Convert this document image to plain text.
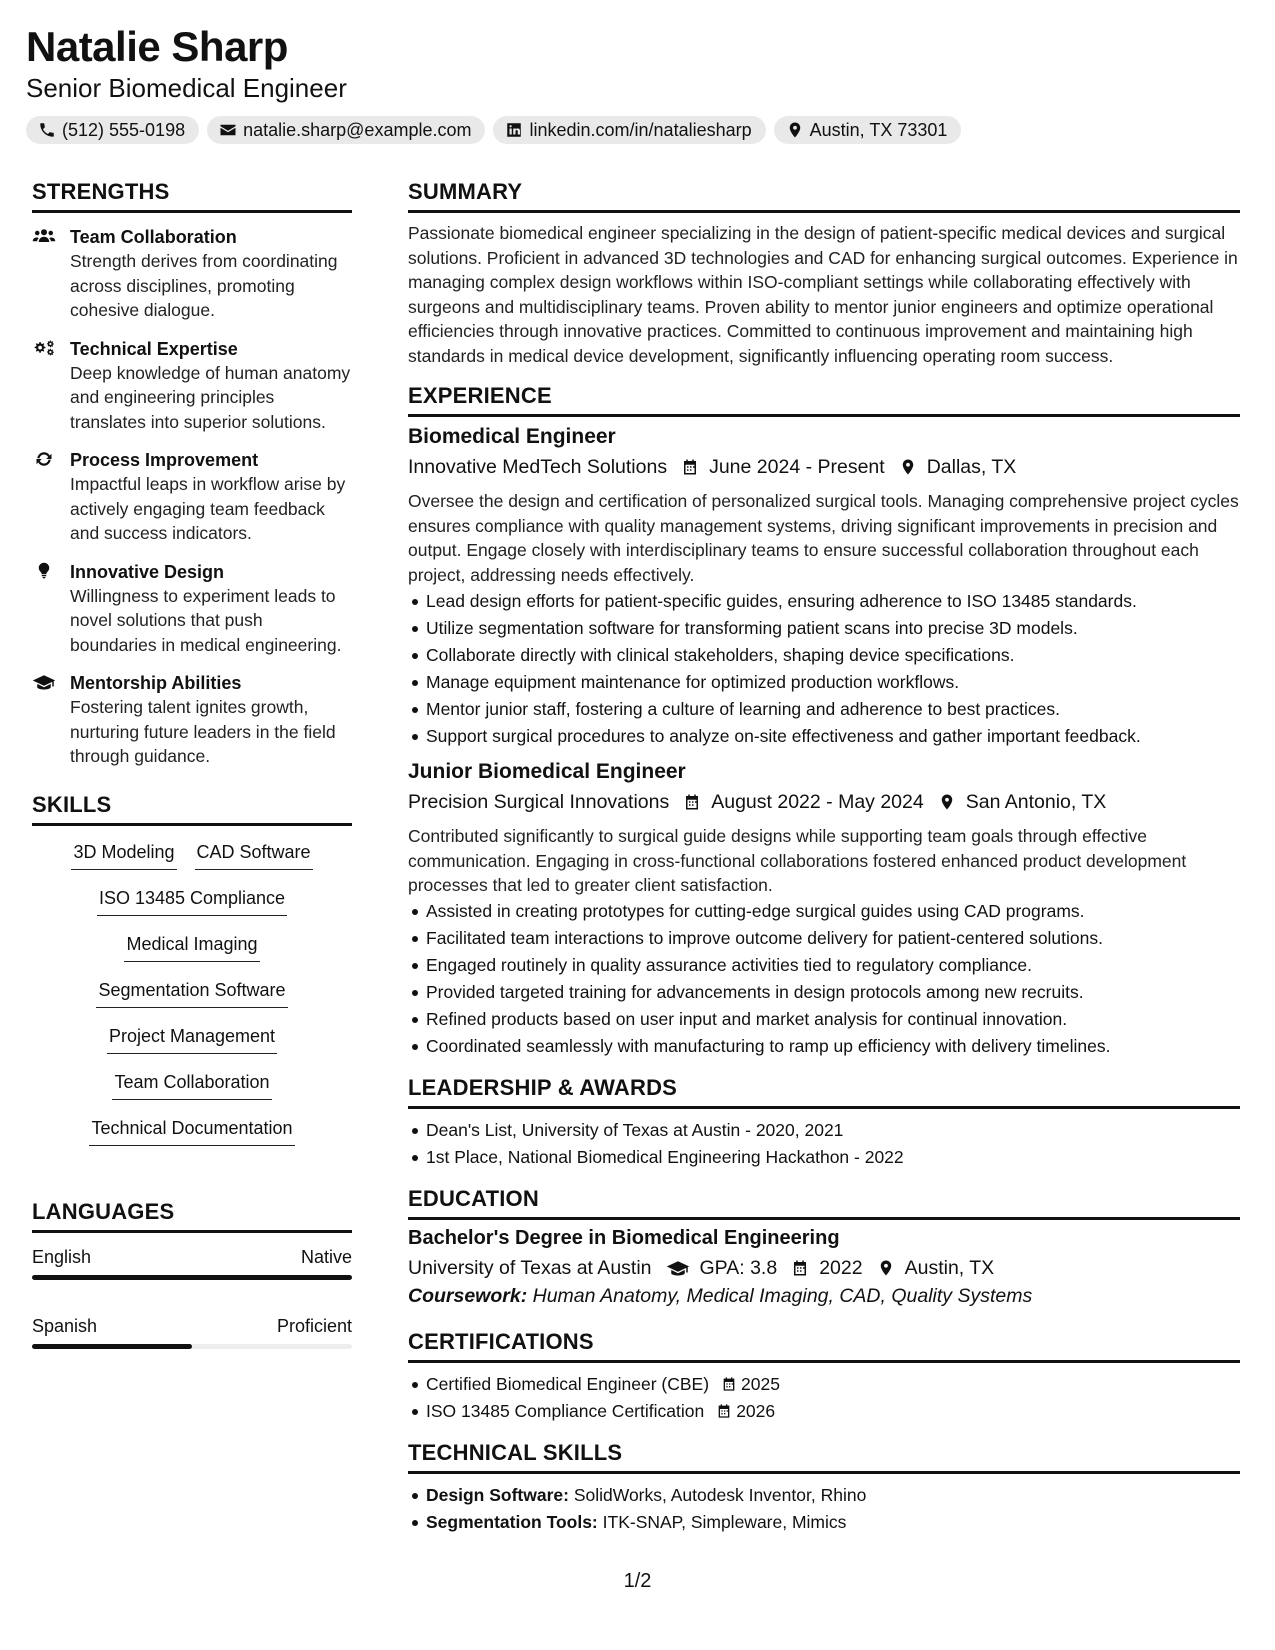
Natalie Sharp
Senior Biomedical Engineer
(512) 555-0198	natalie.sharp@example.com	linkedin.com/in/nataliesharp	Austin, TX 73301
STRENGTHS
Team Collaboration
Strength derives from coordinating across disciplines, promoting cohesive dialogue.
Technical Expertise
Deep knowledge of human anatomy and engineering principles translates into superior solutions.
Process Improvement
Impactful leaps in workflow arise by actively engaging team feedback and success indicators.
Innovative Design
Willingness to experiment leads to novel solutions that push boundaries in medical engineering.
Mentorship Abilities
Fostering talent ignites growth, nurturing future leaders in the field through guidance.
SKILLS
3D Modeling CAD Software
ISO 13485 Compliance
Medical Imaging
Segmentation Software
Project Management
Team Collaboration
Technical Documentation
LANGUAGES
English	Native
Spanish	Proficient
SUMMARY
Passionate biomedical engineer specializing in the design of patient-specific medical devices and surgical solutions. Proficient in advanced 3D technologies and CAD for enhancing surgical outcomes. Experience in managing complex design workflows within ISO-compliant settings while collaborating effectively with surgeons and multidisciplinary teams. Proven ability to mentor junior engineers and optimize operational efficiencies through innovative practices. Committed to continuous improvement and maintaining high standards in medical device development, significantly influencing operating room success.
EXPERIENCE
Biomedical Engineer
Innovative MedTech Solutions June 2024 - Present Dallas, TX
Oversee the design and certification of personalized surgical tools. Managing comprehensive project cycles ensures compliance with quality management systems, driving significant improvements in precision and output. Engage closely with interdisciplinary teams to ensure successful collaboration throughout each project, addressing needs effectively.
Lead design efforts for patient-specific guides, ensuring adherence to ISO 13485 standards.
Utilize segmentation software for transforming patient scans into precise 3D models.
Collaborate directly with clinical stakeholders, shaping device specifications.
Manage equipment maintenance for optimized production workflows.
Mentor junior staff, fostering a culture of learning and adherence to best practices.
Support surgical procedures to analyze on-site effectiveness and gather important feedback.
Junior Biomedical Engineer
Precision Surgical Innovations August 2022 - May 2024 San Antonio, TX
Contributed significantly to surgical guide designs while supporting team goals through effective communication. Engaging in cross-functional collaborations fostered enhanced product development processes that led to greater client satisfaction.
Assisted in creating prototypes for cutting-edge surgical guides using CAD programs.
Facilitated team interactions to improve outcome delivery for patient-centered solutions.
Engaged routinely in quality assurance activities tied to regulatory compliance.
Provided targeted training for advancements in design protocols among new recruits.
Refined products based on user input and market analysis for continual innovation.
Coordinated seamlessly with manufacturing to ramp up efficiency with delivery timelines.
LEADERSHIP & AWARDS
Dean's List, University of Texas at Austin - 2020, 2021
1st Place, National Biomedical Engineering Hackathon - 2022
EDUCATION
Bachelor's Degree in Biomedical Engineering
University of Texas at Austin GPA: 3.8 2022 Austin, TX
Coursework: Human Anatomy, Medical Imaging, CAD, Quality Systems
CERTIFICATIONS
Certified Biomedical Engineer (CBE) 2025
ISO 13485 Compliance Certification 2026
TECHNICAL SKILLS
Design Software: SolidWorks, Autodesk Inventor, Rhino
Segmentation Tools: ITK-SNAP, Simpleware, Mimics
1/2
